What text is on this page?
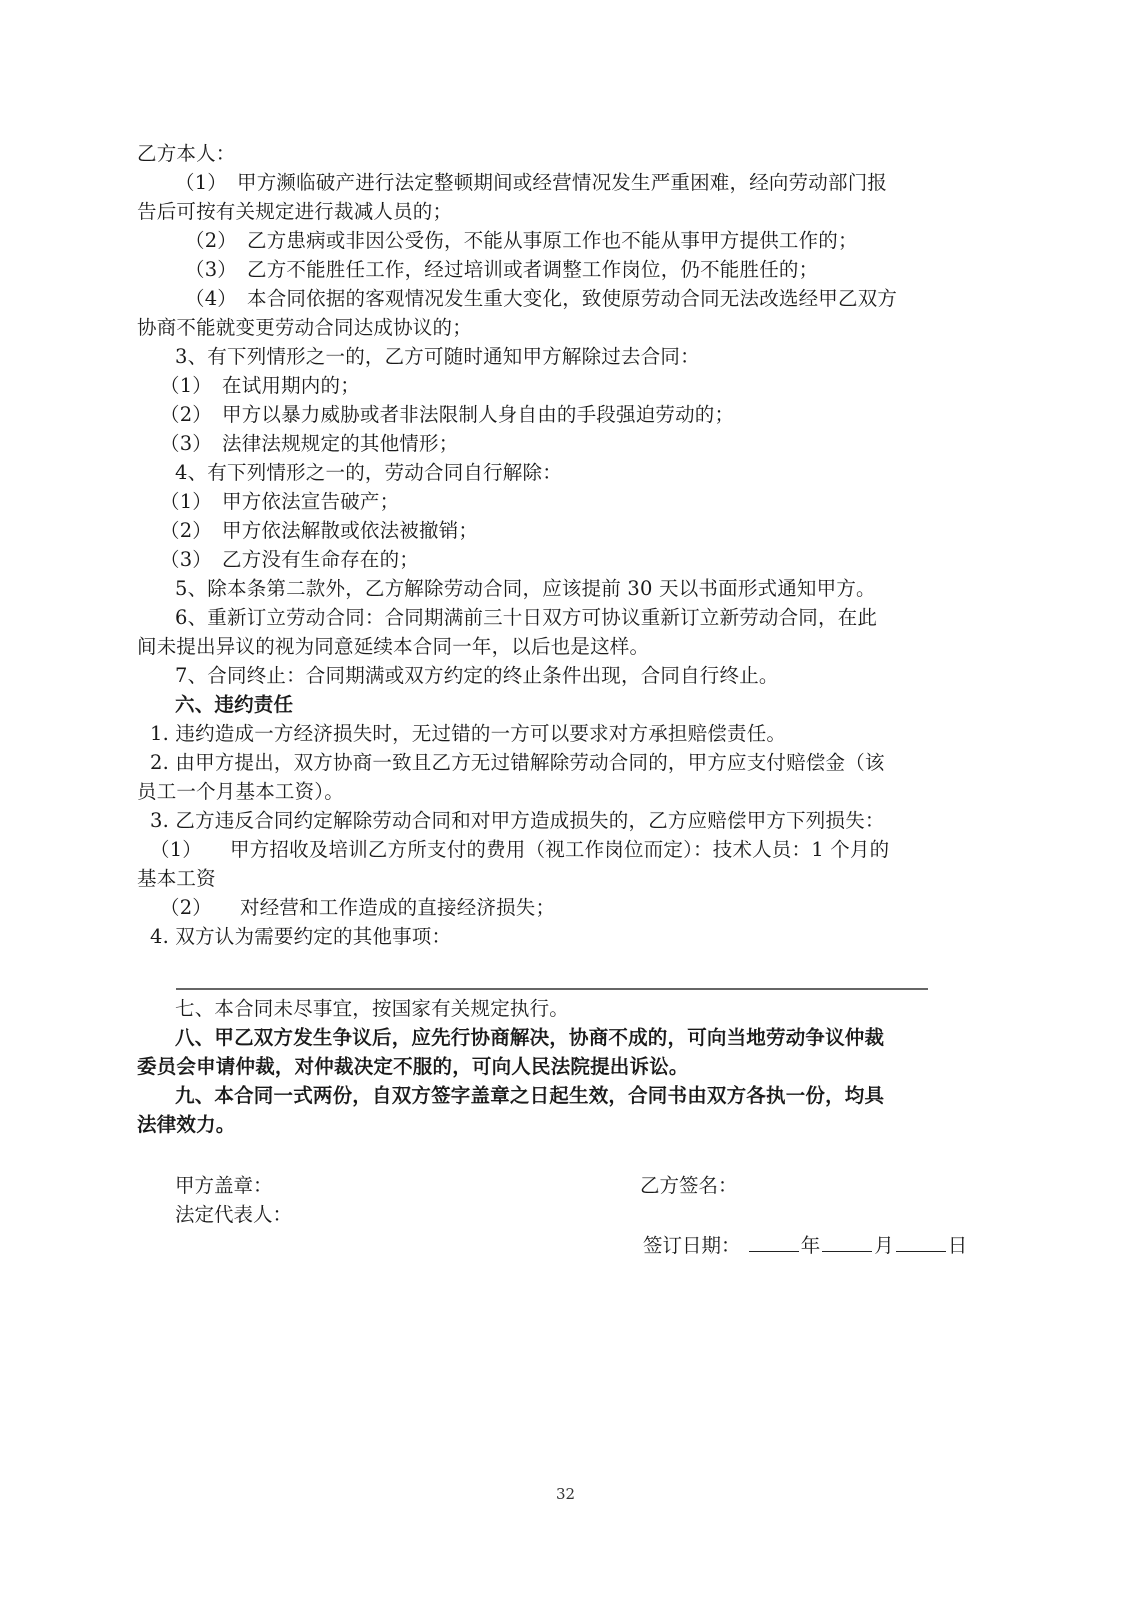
乙方本人：
（1） 甲方濒临破产进行法定整顿期间或经营情况发生严重困难，经向劳动部门报
告后可按有关规定进行裁减人员的；
（2） 乙方患病或非因公受伤，不能从事原工作也不能从事甲方提供工作的；
（3） 乙方不能胜任工作，经过培训或者调整工作岗位，仍不能胜任的；
（4） 本合同依据的客观情况发生重大变化，致使原劳动合同无法改选经甲乙双方
协商不能就变更劳动合同达成协议的；
3、有下列情形之一的，乙方可随时通知甲方解除过去合同：
（1） 在试用期内的；
（2） 甲方以暴力威胁或者非法限制人身自由的手段强迫劳动的；
（3） 法律法规规定的其他情形；
4、有下列情形之一的，劳动合同自行解除：
（1） 甲方依法宣告破产；
（2） 甲方依法解散或依法被撤销；
（3） 乙方没有生命存在的；
5、除本条第二款外，乙方解除劳动合同，应该提前 30 天以书面形式通知甲方。
6、重新订立劳动合同：合同期满前三十日双方可协议重新订立新劳动合同，在此
间未提出异议的视为同意延续本合同一年，以后也是这样。
7、合同终止：合同期满或双方约定的终止条件出现，合同自行终止。
六、违约责任
1. 违约造成一方经济损失时，无过错的一方可以要求对方承担赔偿责任。
2. 由甲方提出，双方协商一致且乙方无过错解除劳动合同的，甲方应支付赔偿金（该
员工一个月基本工资）。
3. 乙方违反合同约定解除劳动合同和对甲方造成损失的，乙方应赔偿甲方下列损失：
（1） 甲方招收及培训乙方所支付的费用（视工作岗位而定）：技术人员：1 个月的
基本工资
（2） 对经营和工作造成的直接经济损失；
4. 双方认为需要约定的其他事项：
七、本合同未尽事宜，按国家有关规定执行。
八、甲乙双方发生争议后，应先行协商解决，协商不成的，可向当地劳动争议仲裁
委员会申请仲裁，对仲裁决定不服的，可向人民法院提出诉讼。
九、本合同一式两份，自双方签字盖章之日起生效，合同书由双方各执一份，均具
法律效力。
甲方盖章：	乙方签名：
法定代表人：
签订日期：	年	月	日
32
